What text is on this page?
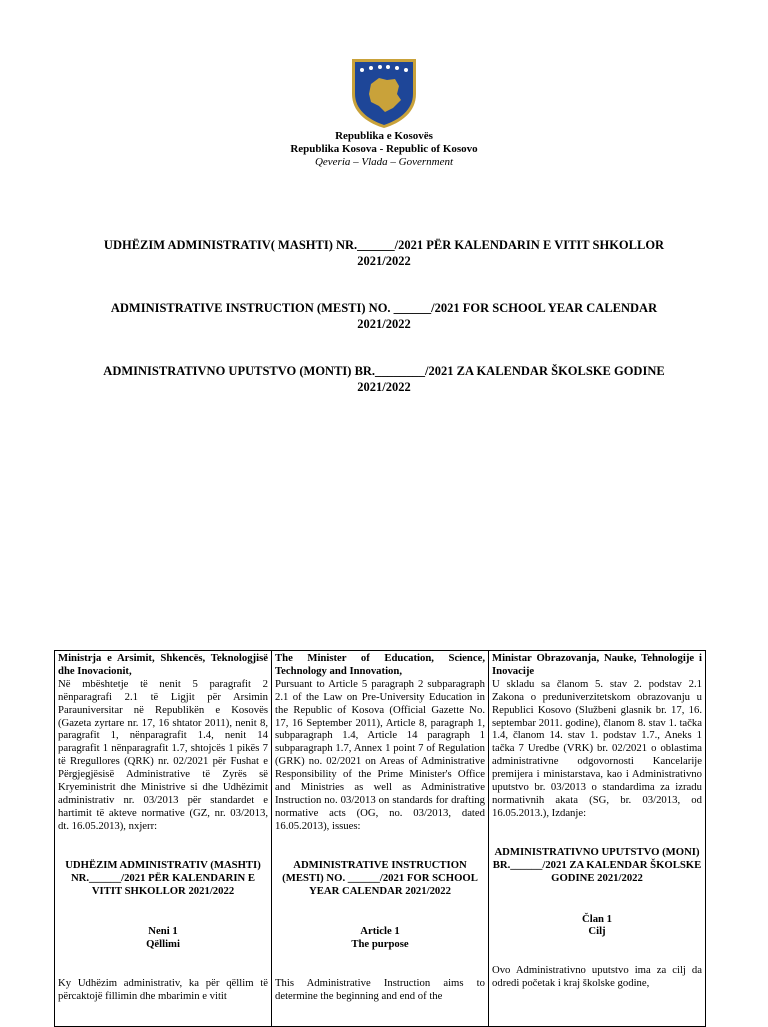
Republika e Kosovës
Republika Kosova - Republic of Kosovo
Qeveria – Vlada – Government
UDHËZIM ADMINISTRATIV( MASHTI) NR.______/2021 PËR KALENDARIN E VITIT SHKOLLOR
2021/2022
ADMINISTRATIVE INSTRUCTION (MESTI) NO. ______/2021 FOR SCHOOL YEAR CALENDAR
2021/2022
ADMINISTRATIVNO UPUTSTVO (MONTI) BR.________/2021 ZA KALENDAR ŠKOLSKE GODINE
2021/2022
Ministrja e Arsimit, Shkencës, Teknologjisë dhe Inovacionit,
Në mbështetje të nenit 5 paragrafit 2 nënparagrafi 2.1 të Ligjit për Arsimin Parauniversitar në Republikën e Kosovës (Gazeta zyrtare nr. 17, 16 shtator 2011), nenit 8, paragrafit 1, nënparagrafit 1.4, nenit 14 paragrafit 1 nënparagrafit 1.7, shtojcës 1 pikës 7 të Rregullores (QRK) nr. 02/2021 për Fushat e Përgjegjësisë Administrative të Zyrës së Kryeministrit dhe Ministrive si dhe Udhëzimit administrativ nr. 03/2013 për standardet e hartimit të akteve normative (GZ, nr. 03/2013, dt. 16.05.2013), nxjerr:
UDHËZIM ADMINISTRATIV (MASHTI) NR.______/2021 PËR KALENDARIN E VITIT SHKOLLOR 2021/2022
Neni 1
Qëllimi
Ky Udhëzim administrativ, ka për qëllim të përcaktojë fillimin dhe mbarimin e vitit

The Minister of Education, Science, Technology and Innovation,
Pursuant to Article 5 paragraph 2 subparagraph 2.1 of the Law on Pre-University Education in the Republic of Kosova (Official Gazette No. 17, 16 September 2011), Article 8, paragraph 1, subparagraph 1.4, Article 14 paragraph 1 subparagraph 1.7, Annex 1 point 7 of Regulation (GRK) no. 02/2021 on Areas of Administrative Responsibility of the Prime Minister's Office and Ministries as well as Administrative Instruction no. 03/2013 on standards for drafting normative acts (OG, no. 03/2013, dated 16.05.2013), issues:
ADMINISTRATIVE INSTRUCTION (MESTI) NO. ______/2021 FOR SCHOOL YEAR CALENDAR 2021/2022
Article 1
The purpose
This Administrative Instruction aims to determine the beginning and end of the

Ministar Obrazovanja, Nauke, Tehnologije i Inovacije
U skladu sa članom 5. stav 2. podstav 2.1 Zakona o preduniverzitetskom obrazovanju u Republici Kosovo (Službeni glasnik br. 17, 16. septembar 2011. godine), članom 8. stav 1. tačka 1.4, članom 14. stav 1. podstav 1.7., Aneks 1 tačka 7 Uredbe (VRK) br. 02/2021 o oblastima administrativne odgovornosti Kancelarije premijera i ministarstava, kao i Administrativno uputstvo br. 03/2013 o standardima za izradu normativnih akata (SG, br. 03/2013, od 16.05.2013.), Izdanje:
ADMINISTRATIVNO UPUTSTVO (MONI) BR.______/2021 ZA KALENDAR ŠKOLSKE GODINE 2021/2022
Član 1
Cilj
Ovo Administrativno uputstvo ima za cilj da odredi početak i kraj školske godine,
